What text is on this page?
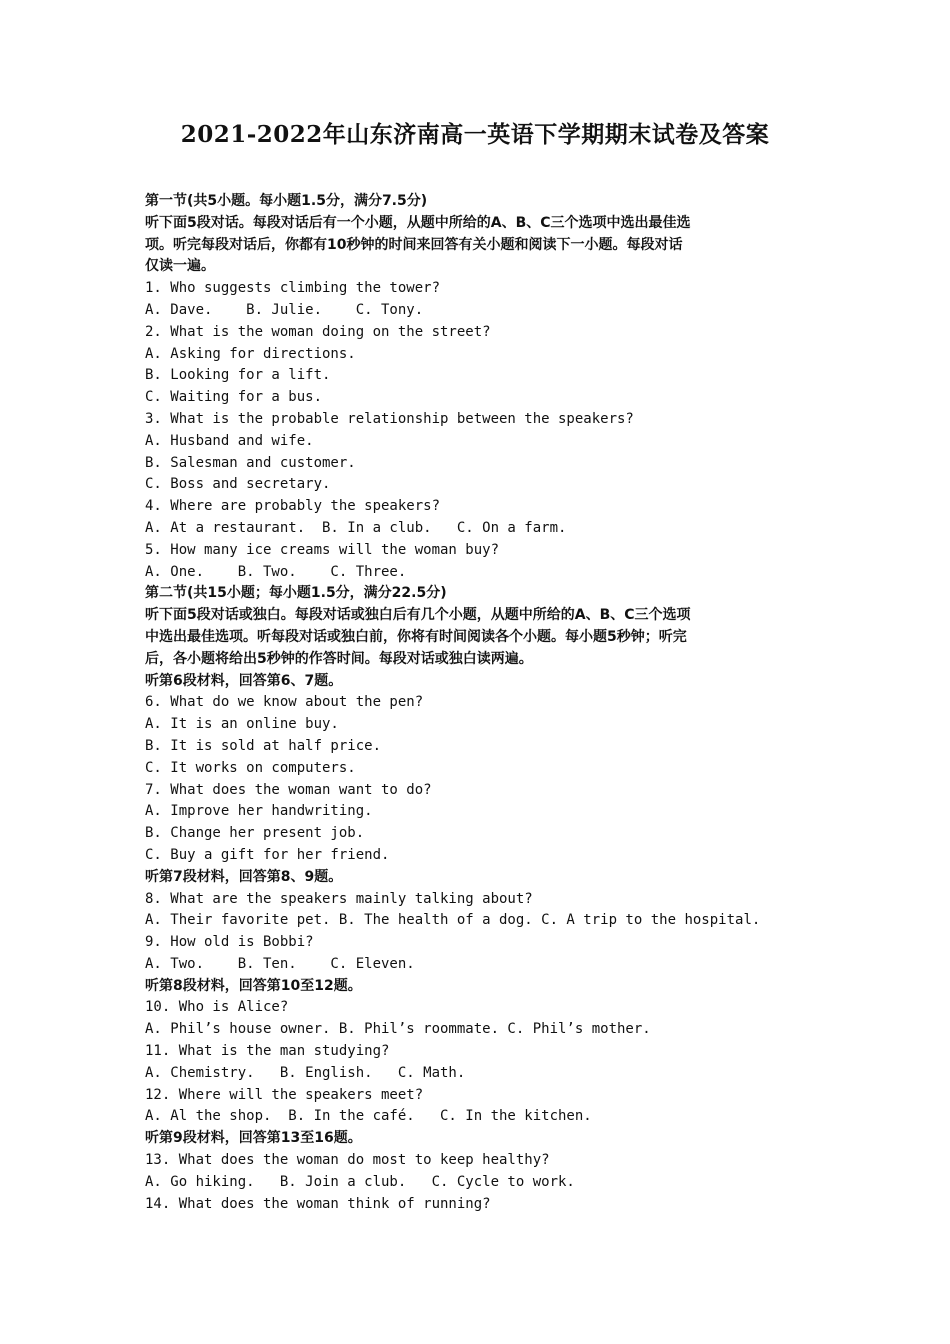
2021-2022年山东济南高一英语下学期期末试卷及答案
第一节(共5小题。每小题1.5分，满分7.5分)
听下面5段对话。每段对话后有一个小题，从题中所给的A、B、C三个选项中选出最佳选
项。听完每段对话后，你都有10秒钟的时间来回答有关小题和阅读下一小题。每段对话
仅读一遍。
1. Who suggests climbing the tower?
A. Dave.    B. Julie.    C. Tony.
2. What is the woman doing on the street?
A. Asking for directions.
B. Looking for a lift.
C. Waiting for a bus.
3. What is the probable relationship between the speakers?
A. Husband and wife.
B. Salesman and customer.
C. Boss and secretary.
4. Where are probably the speakers?
A. At a restaurant.  B. In a club.   C. On a farm.
5. How many ice creams will the woman buy?
A. One.    B. Two.    C. Three.
第二节(共15小题；每小题1.5分，满分22.5分)
听下面5段对话或独白。每段对话或独白后有几个小题，从题中所给的A、B、C三个选项
中选出最佳选项。听每段对话或独白前，你将有时间阅读各个小题。每小题5秒钟；听完
后，各小题将给出5秒钟的作答时间。每段对话或独白读两遍。
听第6段材料，回答第6、7题。
6. What do we know about the pen?
A. It is an online buy.
B. It is sold at half price.
C. It works on computers.
7. What does the woman want to do?
A. Improve her handwriting.
B. Change her present job.
C. Buy a gift for her friend.
听第7段材料，回答第8、9题。
8. What are the speakers mainly talking about?
A. Their favorite pet. B. The health of a dog. C. A trip to the hospital.
9. How old is Bobbi?
A. Two.    B. Ten.    C. Eleven.
听第8段材料，回答第10至12题。
10. Who is Alice?
A. Phil’s house owner. B. Phil’s roommate. C. Phil’s mother.
11. What is the man studying?
A. Chemistry.   B. English.   C. Math.
12. Where will the speakers meet?
A. Al the shop.  B. In the café.   C. In the kitchen.
听第9段材料，回答第13至16题。
13. What does the woman do most to keep healthy?
A. Go hiking.   B. Join a club.   C. Cycle to work.
14. What does the woman think of running?
